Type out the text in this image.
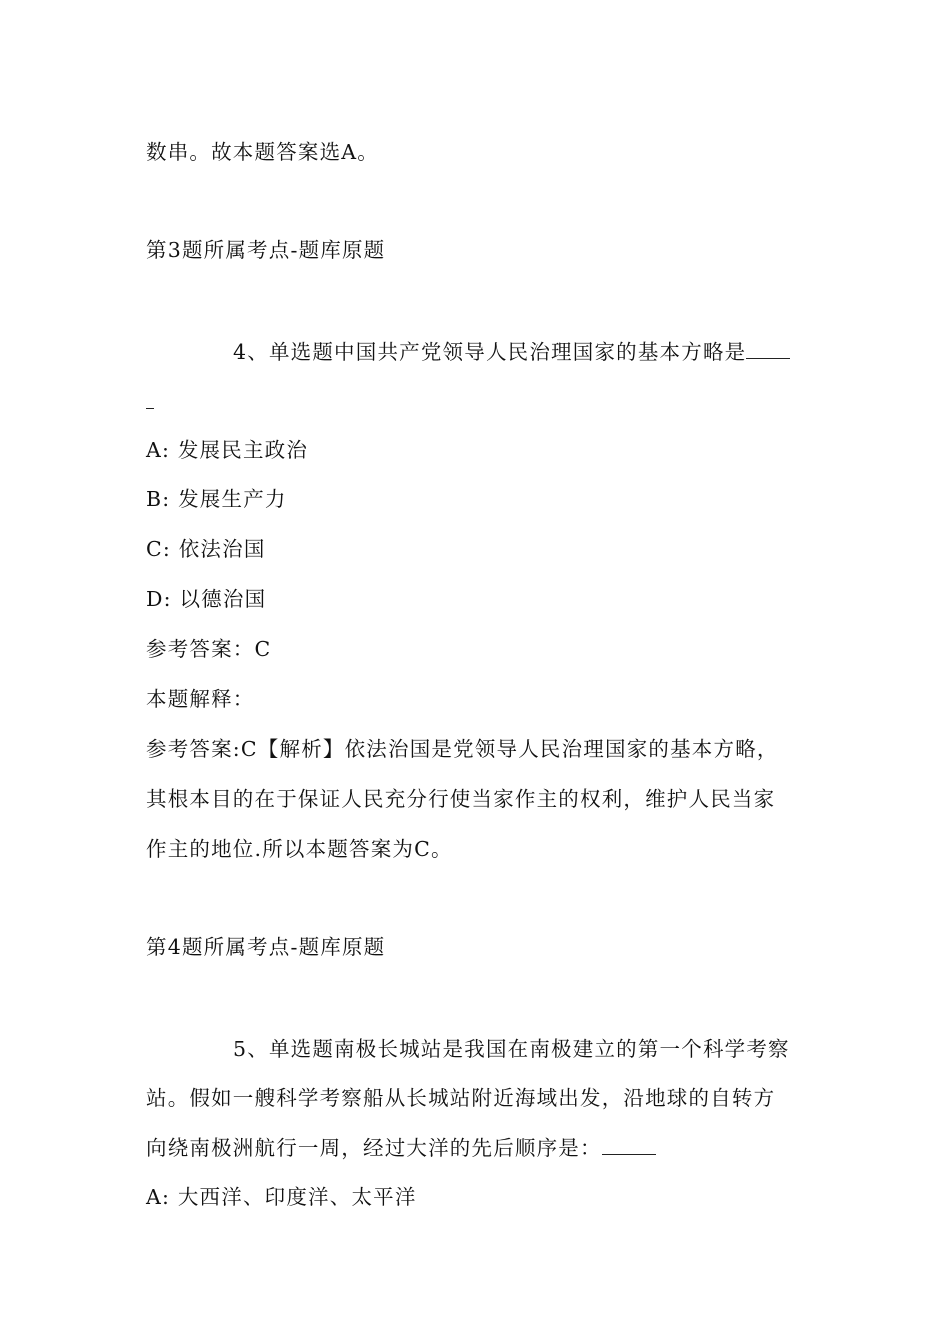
数串。故本题答案选A。
第3题所属考点-题库原题
4、单选题中国共产党领导人民治理国家的基本方略是
A: 发展民主政治
B: 发展生产力
C: 依法治国
D: 以德治国
参考答案：C
本题解释：
参考答案:C【解析】依法治国是党领导人民治理国家的基本方略，
其根本目的在于保证人民充分行使当家作主的权利，维护人民当家
作主的地位.所以本题答案为C。
第4题所属考点-题库原题
5、单选题南极长城站是我国在南极建立的第一个科学考察
站。假如一艘科学考察船从长城站附近海域出发，沿地球的自转方
向绕南极洲航行一周，经过大洋的先后顺序是：
A: 大西洋、印度洋、太平洋
